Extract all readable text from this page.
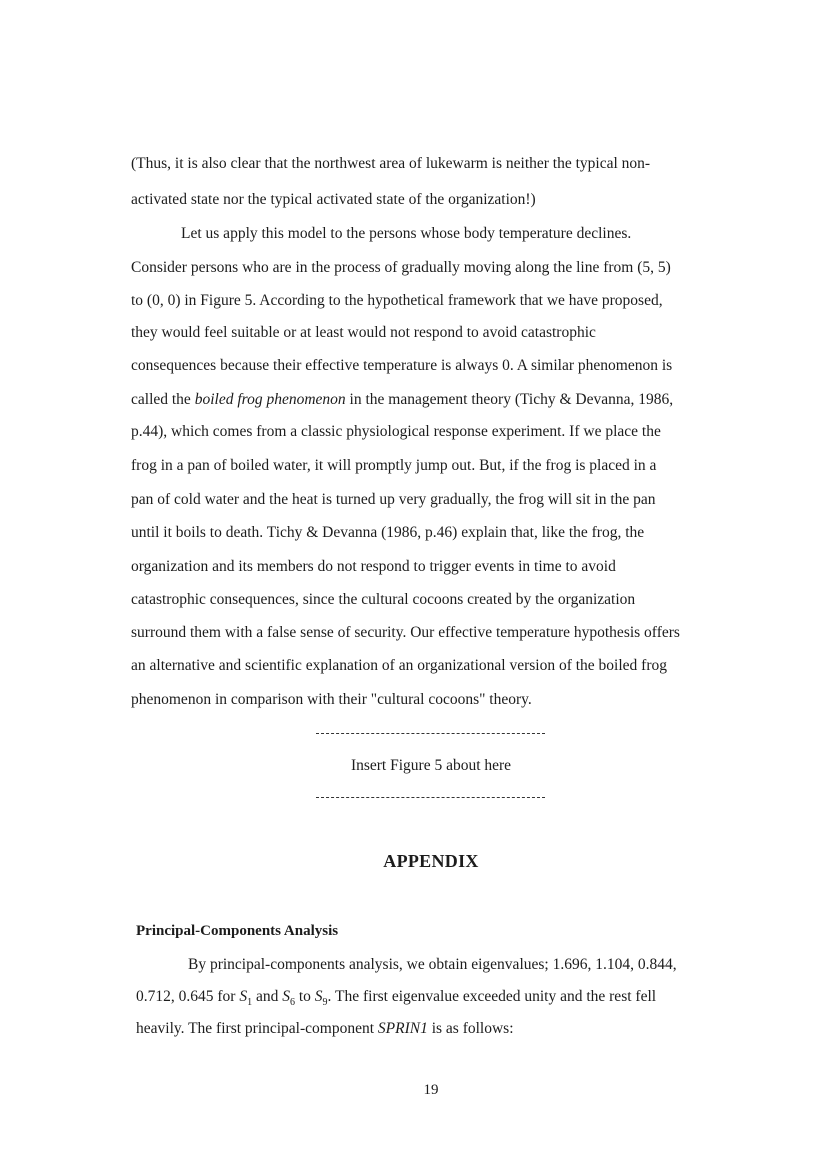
(Thus, it is also clear that the northwest area of lukewarm is neither the typical non-
activated state nor the typical activated state of the organization!)
Let us apply this model to the persons whose body temperature declines.
Consider persons who are in the process of gradually moving along the line from (5, 5)
to (0, 0) in Figure 5. According to the hypothetical framework that we have proposed,
they would feel suitable or at least would not respond to avoid catastrophic
consequences because their effective temperature is always 0. A similar phenomenon is
called the boiled frog phenomenon in the management theory (Tichy & Devanna, 1986,
p.44), which comes from a classic physiological response experiment. If we place the
frog in a pan of boiled water, it will promptly jump out. But, if the frog is placed in a
pan of cold water and the heat is turned up very gradually, the frog will sit in the pan
until it boils to death. Tichy & Devanna (1986, p.46) explain that, like the frog, the
organization and its members do not respond to trigger events in time to avoid
catastrophic consequences, since the cultural cocoons created by the organization
surround them with a false sense of security. Our effective temperature hypothesis offers
an alternative and scientific explanation of an organizational version of the boiled frog
phenomenon in comparison with their "cultural cocoons" theory.
Insert Figure 5 about here
APPENDIX
Principal-Components Analysis
By principal-components analysis, we obtain eigenvalues; 1.696, 1.104, 0.844,
0.712, 0.645 for $S_1$ and $S_6$ to $S_9$. The first eigenvalue exceeded unity and the rest fell
heavily. The first principal-component SPRIN1 is as follows:
19
